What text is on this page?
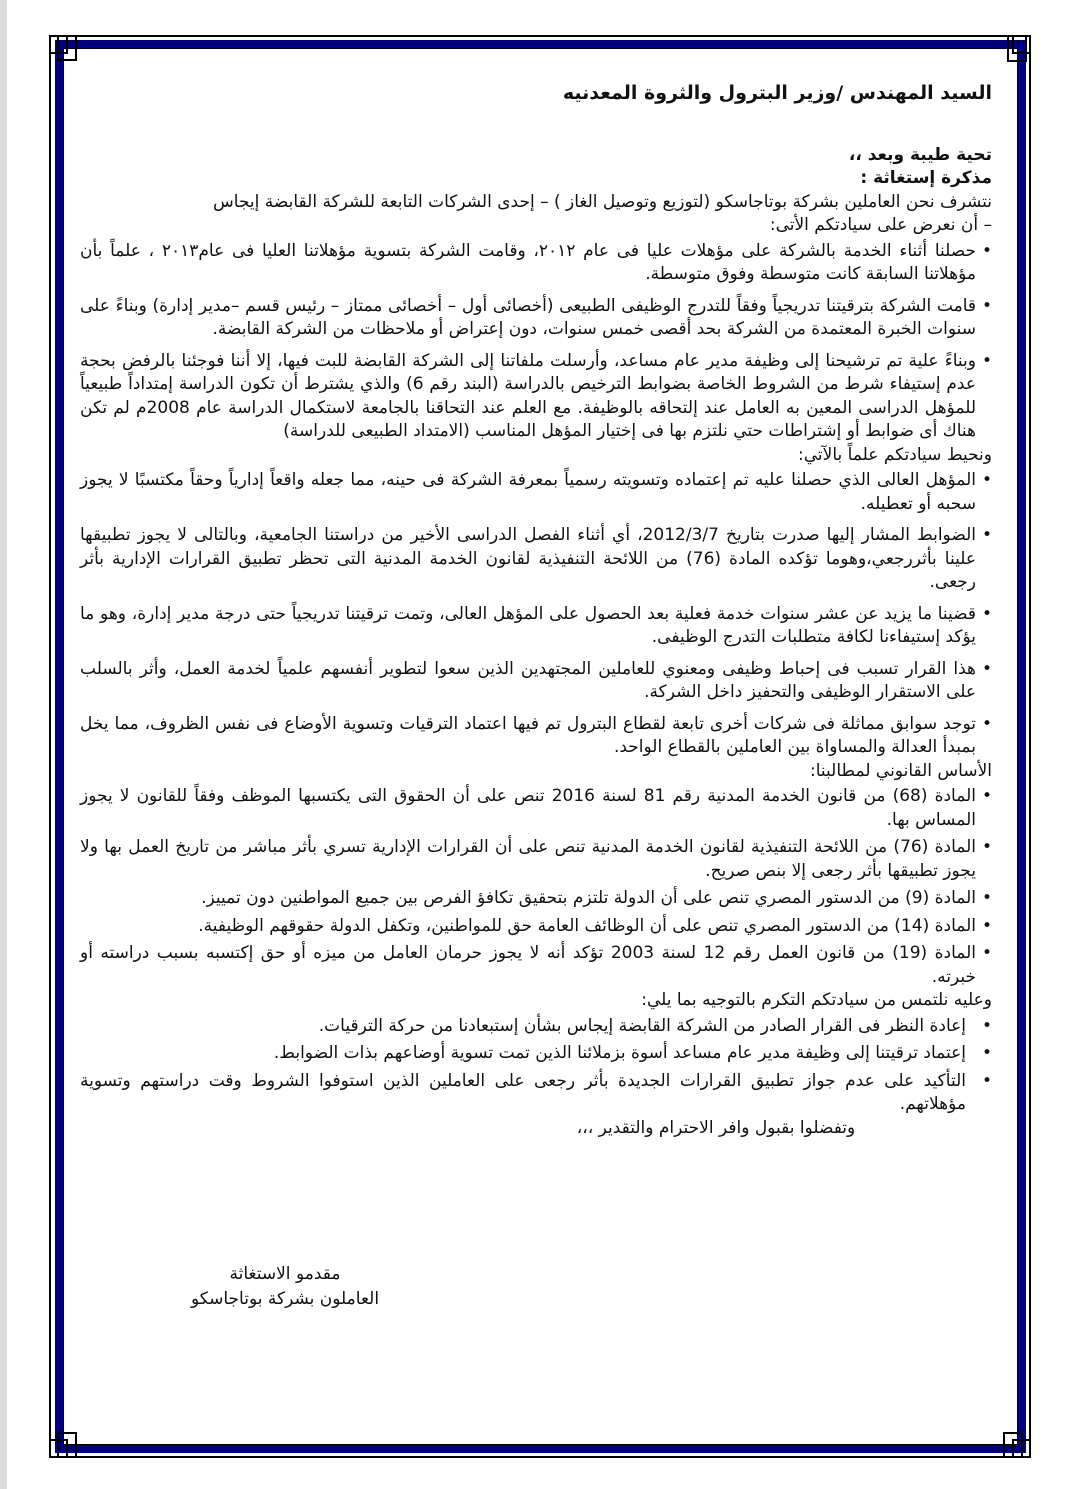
السيد المهندس /وزير البترول والثروة المعدنيه

تحية طيبة وبعد ،،

مذكرة إستغاثة :

نتشرف نحن العاملين بشركة بوتاجاسكو (لتوزيع وتوصيل الغاز ) – إحدى الشركات التابعة للشركة القابضة إيجاس

– أن نعرض على سيادتكم الأتى:

• حصلنا أثناء الخدمة بالشركة على مؤهلات عليا فى عام ٢٠١٢، وقامت الشركة بتسوية مؤهلاتنا العليا فى عام٢٠١٣ ، علماً بأن مؤهلاتنا السابقة كانت متوسطة وفوق متوسطة.
• قامت الشركة بترقيتنا تدريجياً وفقاً للتدرج الوظيفى الطبيعى (أخصائى أول – أخصائى ممتاز – رئيس قسم –مدير إدارة) وبناءً على سنوات الخبرة المعتمدة من الشركة بحد أقصى خمس سنوات، دون إعتراض أو ملاحظات من الشركة القابضة.
• وبناءً علية تم ترشيحنا إلى وظيفة مدير عام مساعد، وأرسلت ملفاتنا إلى الشركة القابضة للبت فيها، إلا أننا فوجئنا بالرفض بحجة عدم إستيفاء شرط من الشروط الخاصة بضوابط الترخيص بالدراسة (البند رقم 6) والذي يشترط أن تكون الدراسة إمتداداً طبيعياً للمؤهل الدراسى المعين به العامل عند إلتحاقه بالوظيفة. مع العلم عند التحاقنا بالجامعة لاستكمال الدراسة عام 2008م لم تكن هناك أى ضوابط أو إشتراطات حتي نلتزم بها فى إختيار المؤهل المناسب (الامتداد الطبيعى للدراسة)

ونحيط سيادتكم علماً بالآتي:

• المؤهل العالى الذي حصلنا عليه تم إعتماده وتسويته رسمياً بمعرفة الشركة فى حينه، مما جعله واقعاً إدارياً وحقاً مكتسبًا لا يجوز سحبه أو تعطيله.
• الضوابط المشار إليها صدرت بتاريخ 2012/3/7، أي أثناء الفصل الدراسى الأخير من دراستنا الجامعية، وبالتالى لا يجوز تطبيقها علينا بأثررجعي،وهوما تؤكده المادة (76) من اللائحة التنفيذية لقانون الخدمة المدنية التى تحظر تطبيق القرارات الإدارية بأثر رجعى.
• قضينا ما يزيد عن عشر سنوات خدمة فعلية بعد الحصول على المؤهل العالى، وتمت ترقيتنا تدريجياً حتى درجة مدير إدارة، وهو ما يؤكد إستيفاءنا لكافة متطلبات التدرج الوظيفى.
• هذا القرار تسبب فى إحباط وظيفى ومعنوي للعاملين المجتهدين الذين سعوا لتطوير أنفسهم علمياً لخدمة العمل، وأثر بالسلب على الاستقرار الوظيفى والتحفيز داخل الشركة.
• توجد سوابق مماثلة فى شركات أخرى تابعة لقطاع البترول تم فيها اعتماد الترقيات وتسوية الأوضاع فى نفس الظروف، مما يخل بمبدأ العدالة والمساواة بين العاملين بالقطاع الواحد.

الأساس القانوني لمطالبنا:

• المادة (68) من قانون الخدمة المدنية رقم 81 لسنة 2016 تنص على أن الحقوق التى يكتسبها الموظف وفقاً للقانون لا يجوز المساس بها.
• المادة (76) من اللائحة التنفيذية لقانون الخدمة المدنية تنص على أن القرارات الإدارية تسري بأثر مباشر من تاريخ العمل بها ولا يجوز تطبيقها بأثر رجعى إلا بنص صريح.
• المادة (9) من الدستور المصري تنص على أن الدولة تلتزم بتحقيق تكافؤ الفرص بين جميع المواطنين دون تمييز.
• المادة (14) من الدستور المصري تنص على أن الوظائف العامة حق للمواطنين، وتكفل الدولة حقوقهم الوظيفية.
• المادة (19) من قانون العمل رقم 12 لسنة 2003 تؤكد أنه لا يجوز حرمان العامل من ميزه أو حق إكتسبه بسبب دراسته أو خبرته.

وعليه نلتمس من سيادتكم التكرم بالتوجيه بما يلي:

• إعادة النظر فى القرار الصادر من الشركة القابضة إيجاس بشأن إستبعادنا من حركة الترقيات.
• إعتماد ترقيتنا إلى وظيفة مدير عام مساعد أسوة بزملائنا الذين تمت تسوية أوضاعهم بذات الضوابط.
• التأكيد على عدم جواز تطبيق القرارات الجديدة بأثر رجعى على العاملين الذين استوفوا الشروط وقت دراستهم وتسوية مؤهلاتهم.

وتفضلوا بقبول وافر الاحترام والتقدير ،،،

مقدمو الاستغاثة
العاملون بشركة بوتاجاسكو
